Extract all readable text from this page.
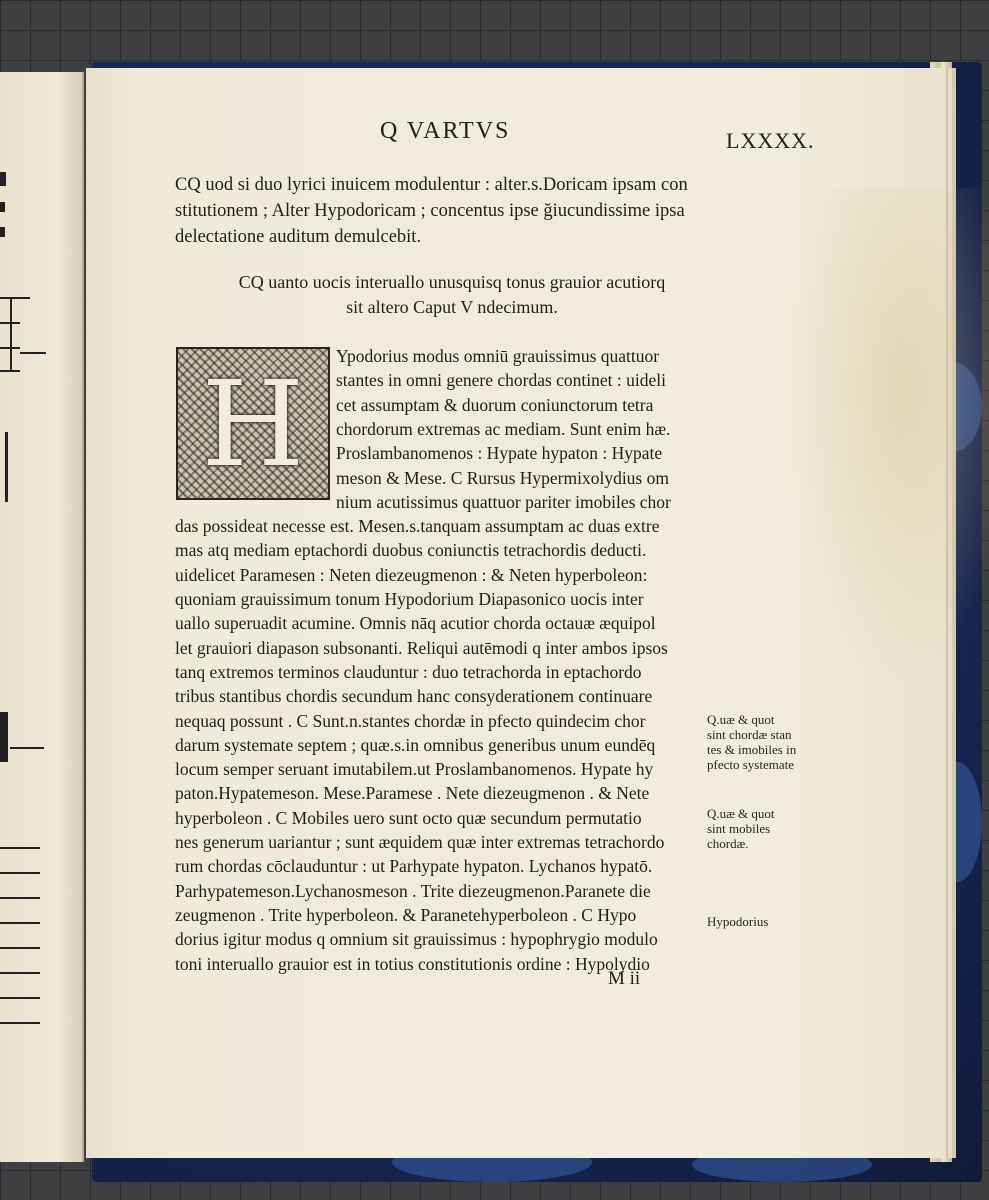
Q VARTVS	LXXXX.
CQ uod si duo lyrici inuicem modulentur : alter.s.Doricam ipsam con stitutionem ; Alter Hypodoricam ; concentus ipse ğiucundissime ipsa delectatione auditum demulcebit.
CQ uanto uocis interuallo unusquisq tonus grauior acutiorq sit altero Caput V ndecimum.
H	Ypodorius modus omniū grauissimus quattuor
stantes in omni genere chordas continet : uideli
cet assumptam & duorum coniunctorum tetra
chordorum extremas ac mediam. Sunt enim hæ.
Proslambanomenos : Hypate hypaton : Hypate
meson & Mese. C Rursus Hypermixolydius om
nium acutissimus quattuor pariter imobiles chor
das possideat necesse est. Mesen.s.tanquam assumptam ac duas extre
mas atq mediam eptachordi duobus coniunctis tetrachordis deducti.
uidelicet Paramesen : Neten diezeugmenon : & Neten hyperboleon:
quoniam grauissimum tonum Hypodorium Diapasonico uocis inter
uallo superuadit acumine. Omnis nāq acutior chorda octauæ æquipol
let grauiori diapason subsonanti. Reliqui autēmodi q inter ambos ipsos
tanq extremos terminos clauduntur : duo tetrachorda in eptachordo
tribus stantibus chordis secundum hanc consyderationem continuare
nequaq possunt . C Sunt.n.stantes chordæ in pfecto quindecim chor
darum systemate septem ; quæ.s.in omnibus generibus unum eundēq
locum semper seruant imutabilem.ut Proslambanomenos. Hypate hy
paton.Hypatemeson. Mese.Paramese . Nete diezeugmenon . & Nete
hyperboleon . C Mobiles uero sunt octo quæ secundum permutatio
nes generum uariantur ; sunt æquidem quæ inter extremas tetrachordo
rum chordas cōclauduntur : ut Parhypate hypaton. Lychanos hypatō.
Parhypatemeson.Lychanosmeson . Trite diezeugmenon.Paranete die
zeugmenon . Trite hyperboleon. & Paranetehyperboleon . C Hypo
dorius igitur modus q omnium sit grauissimus : hypophrygio modulo
toni interuallo grauior est in totius constitutionis ordine : Hypolydio
Q.uæ & quot
sint chordæ stan
tes & imobiles in
pfecto systemate
Q.uæ & quot
sint mobiles
chordæ.
Hypodorius
M ii
